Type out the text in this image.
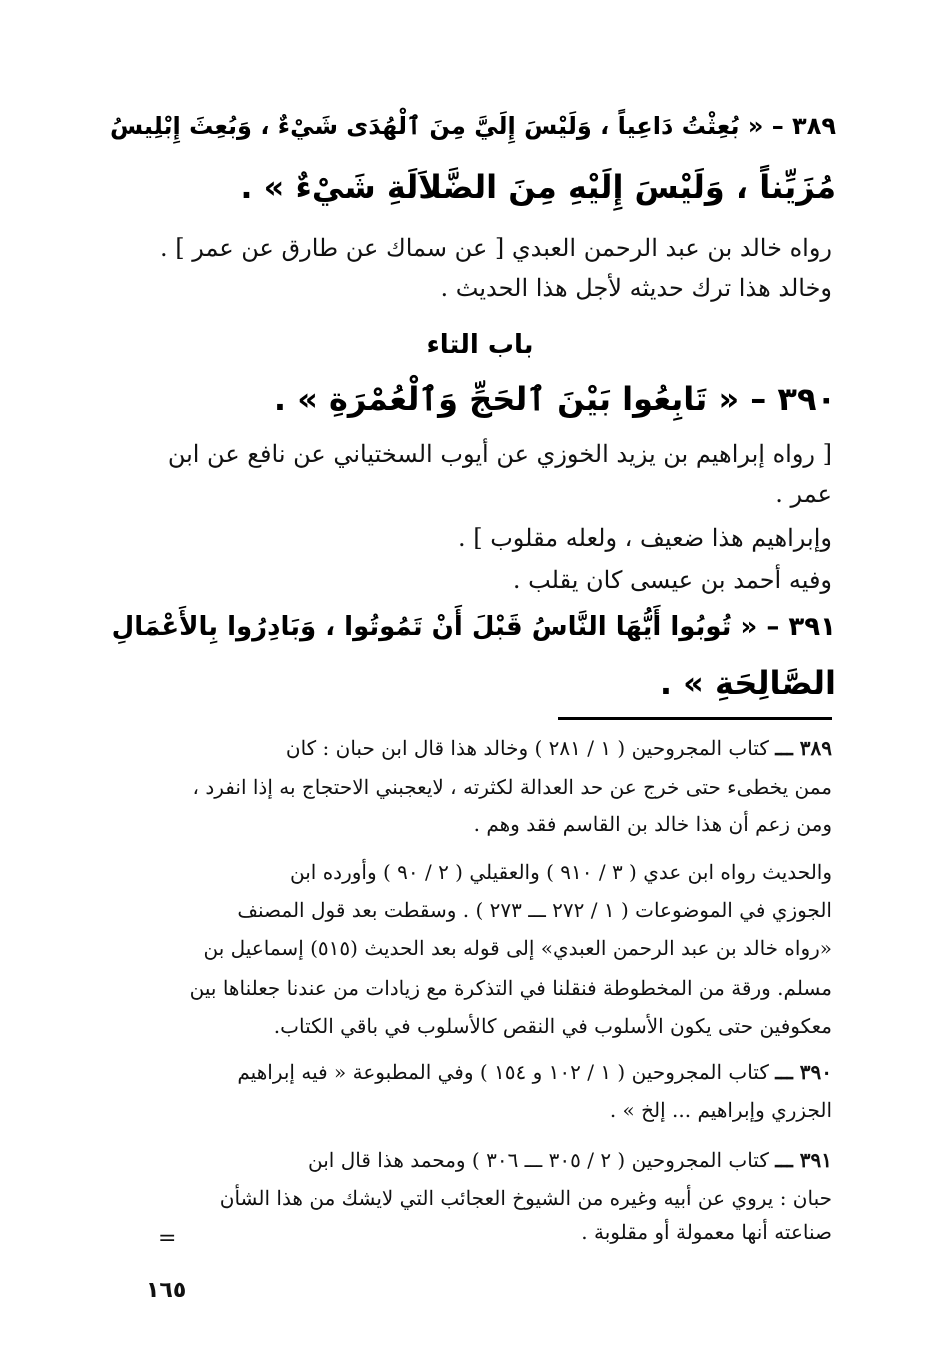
٣٨٩ – « بُعِثْتُ دَاعِياً ، وَلَيْسَ إِلَيَّ مِنَ ٱلْهُدَى شَيْءٌ ، وَبُعِثَ إِبْلِيسُ

مُزَيِّناً ، وَلَيْسَ إِلَيْهِ مِنَ الضَّلاَلَةِ شَيْءٌ » .

رواه خالد بن عبد الرحمن العبدي [ عن سماك عن طارق عن عمر ] .

وخالد هذا ترك حديثه لأجل هذا الحديث .

باب التاء

٣٩٠ – « تَابِعُوا بَيْنَ ٱلحَجِّ وَٱلْعُمْرَةِ » .

[ رواه إبراهيم بن يزيد الخوزي عن أيوب السختياني عن نافع عن ابن

عمر .

وإبراهيم هذا ضعيف ، ولعله مقلوب ] .

وفيه أحمد بن عيسى كان يقلب .

٣٩١ – « تُوبُوا أَيُّهَا النَّاسُ قَبْلَ أَنْ تَمُوتُوا ، وَبَادِرُوا بِالأَعْمَالِ

الصَّالِحَةِ » .

٣٨٩ ـــ كتاب المجروحين ( ١ / ٢٨١ ) وخالد هذا قال ابن حبان : كان

ممن يخطىء حتى خرج عن حد العدالة لكثرته ، لايعجبني الاحتجاج به إذا انفرد ،

ومن زعم أن هذا خالد بن القاسم فقد وهم .

والحديث رواه ابن عدي ( ٣ / ٩١٠ ) والعقيلي ( ٢ / ٩٠ ) وأورده ابن

الجوزي في الموضوعات ( ١ / ٢٧٢ ـــ ٢٧٣ ) . وسقطت بعد قول المصنف

«رواه خالد بن عبد الرحمن العبدي» إلى قوله بعد الحديث (٥١٥) إسماعيل بن

مسلم. ورقة من المخطوطة فنقلنا في التذكرة مع زيادات من عندنا جعلناها بين

معكوفين حتى يكون الأسلوب في النقص كالأسلوب في باقي الكتاب.

٣٩٠ ـــ كتاب المجروحين ( ١ / ١٠٢ و ١٥٤ ) وفي المطبوعة « فيه إبراهيم

الجزري وإبراهيم ... إلخ » .

٣٩١ ـــ كتاب المجروحين ( ٢ / ٣٠٥ ـــ ٣٠٦ ) ومحمد هذا قال ابن

حبان : يروي عن أبيه وغيره من الشيوخ العجائب التي لايشك من هذا الشأن

صناعته أنها معمولة أو مقلوبة .

=
١٦٥
